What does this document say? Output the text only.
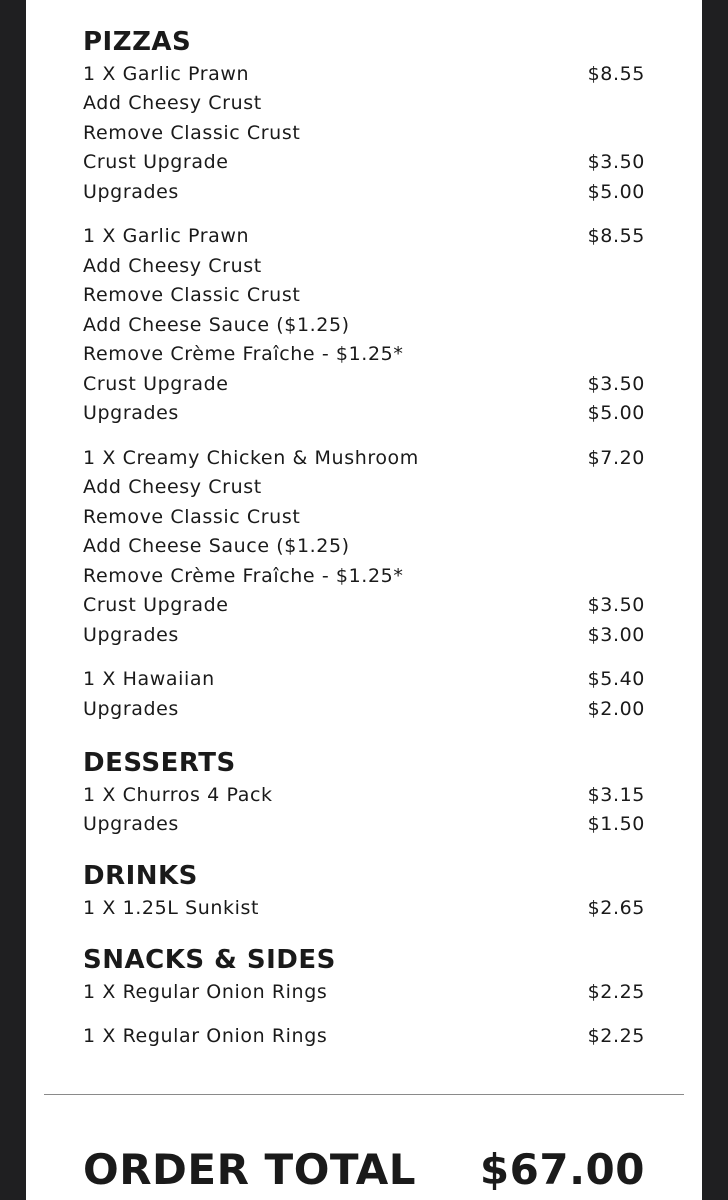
PIZZAS
1 X Garlic Prawn	$8.55
Add Cheesy Crust
Remove Classic Crust
Crust Upgrade	$3.50
Upgrades	$5.00
1 X Garlic Prawn	$8.55
Add Cheesy Crust
Remove Classic Crust
Add Cheese Sauce ($1.25)
Remove Crème Fraîche - $1.25*
Crust Upgrade	$3.50
Upgrades	$5.00
1 X Creamy Chicken & Mushroom	$7.20
Add Cheesy Crust
Remove Classic Crust
Add Cheese Sauce ($1.25)
Remove Crème Fraîche - $1.25*
Crust Upgrade	$3.50
Upgrades	$3.00
1 X Hawaiian	$5.40
Upgrades	$2.00
DESSERTS
1 X Churros 4 Pack	$3.15
Upgrades	$1.50
DRINKS
1 X 1.25L Sunkist	$2.65
SNACKS & SIDES
1 X Regular Onion Rings	$2.25
1 X Regular Onion Rings	$2.25
ORDER TOTAL $67.00
